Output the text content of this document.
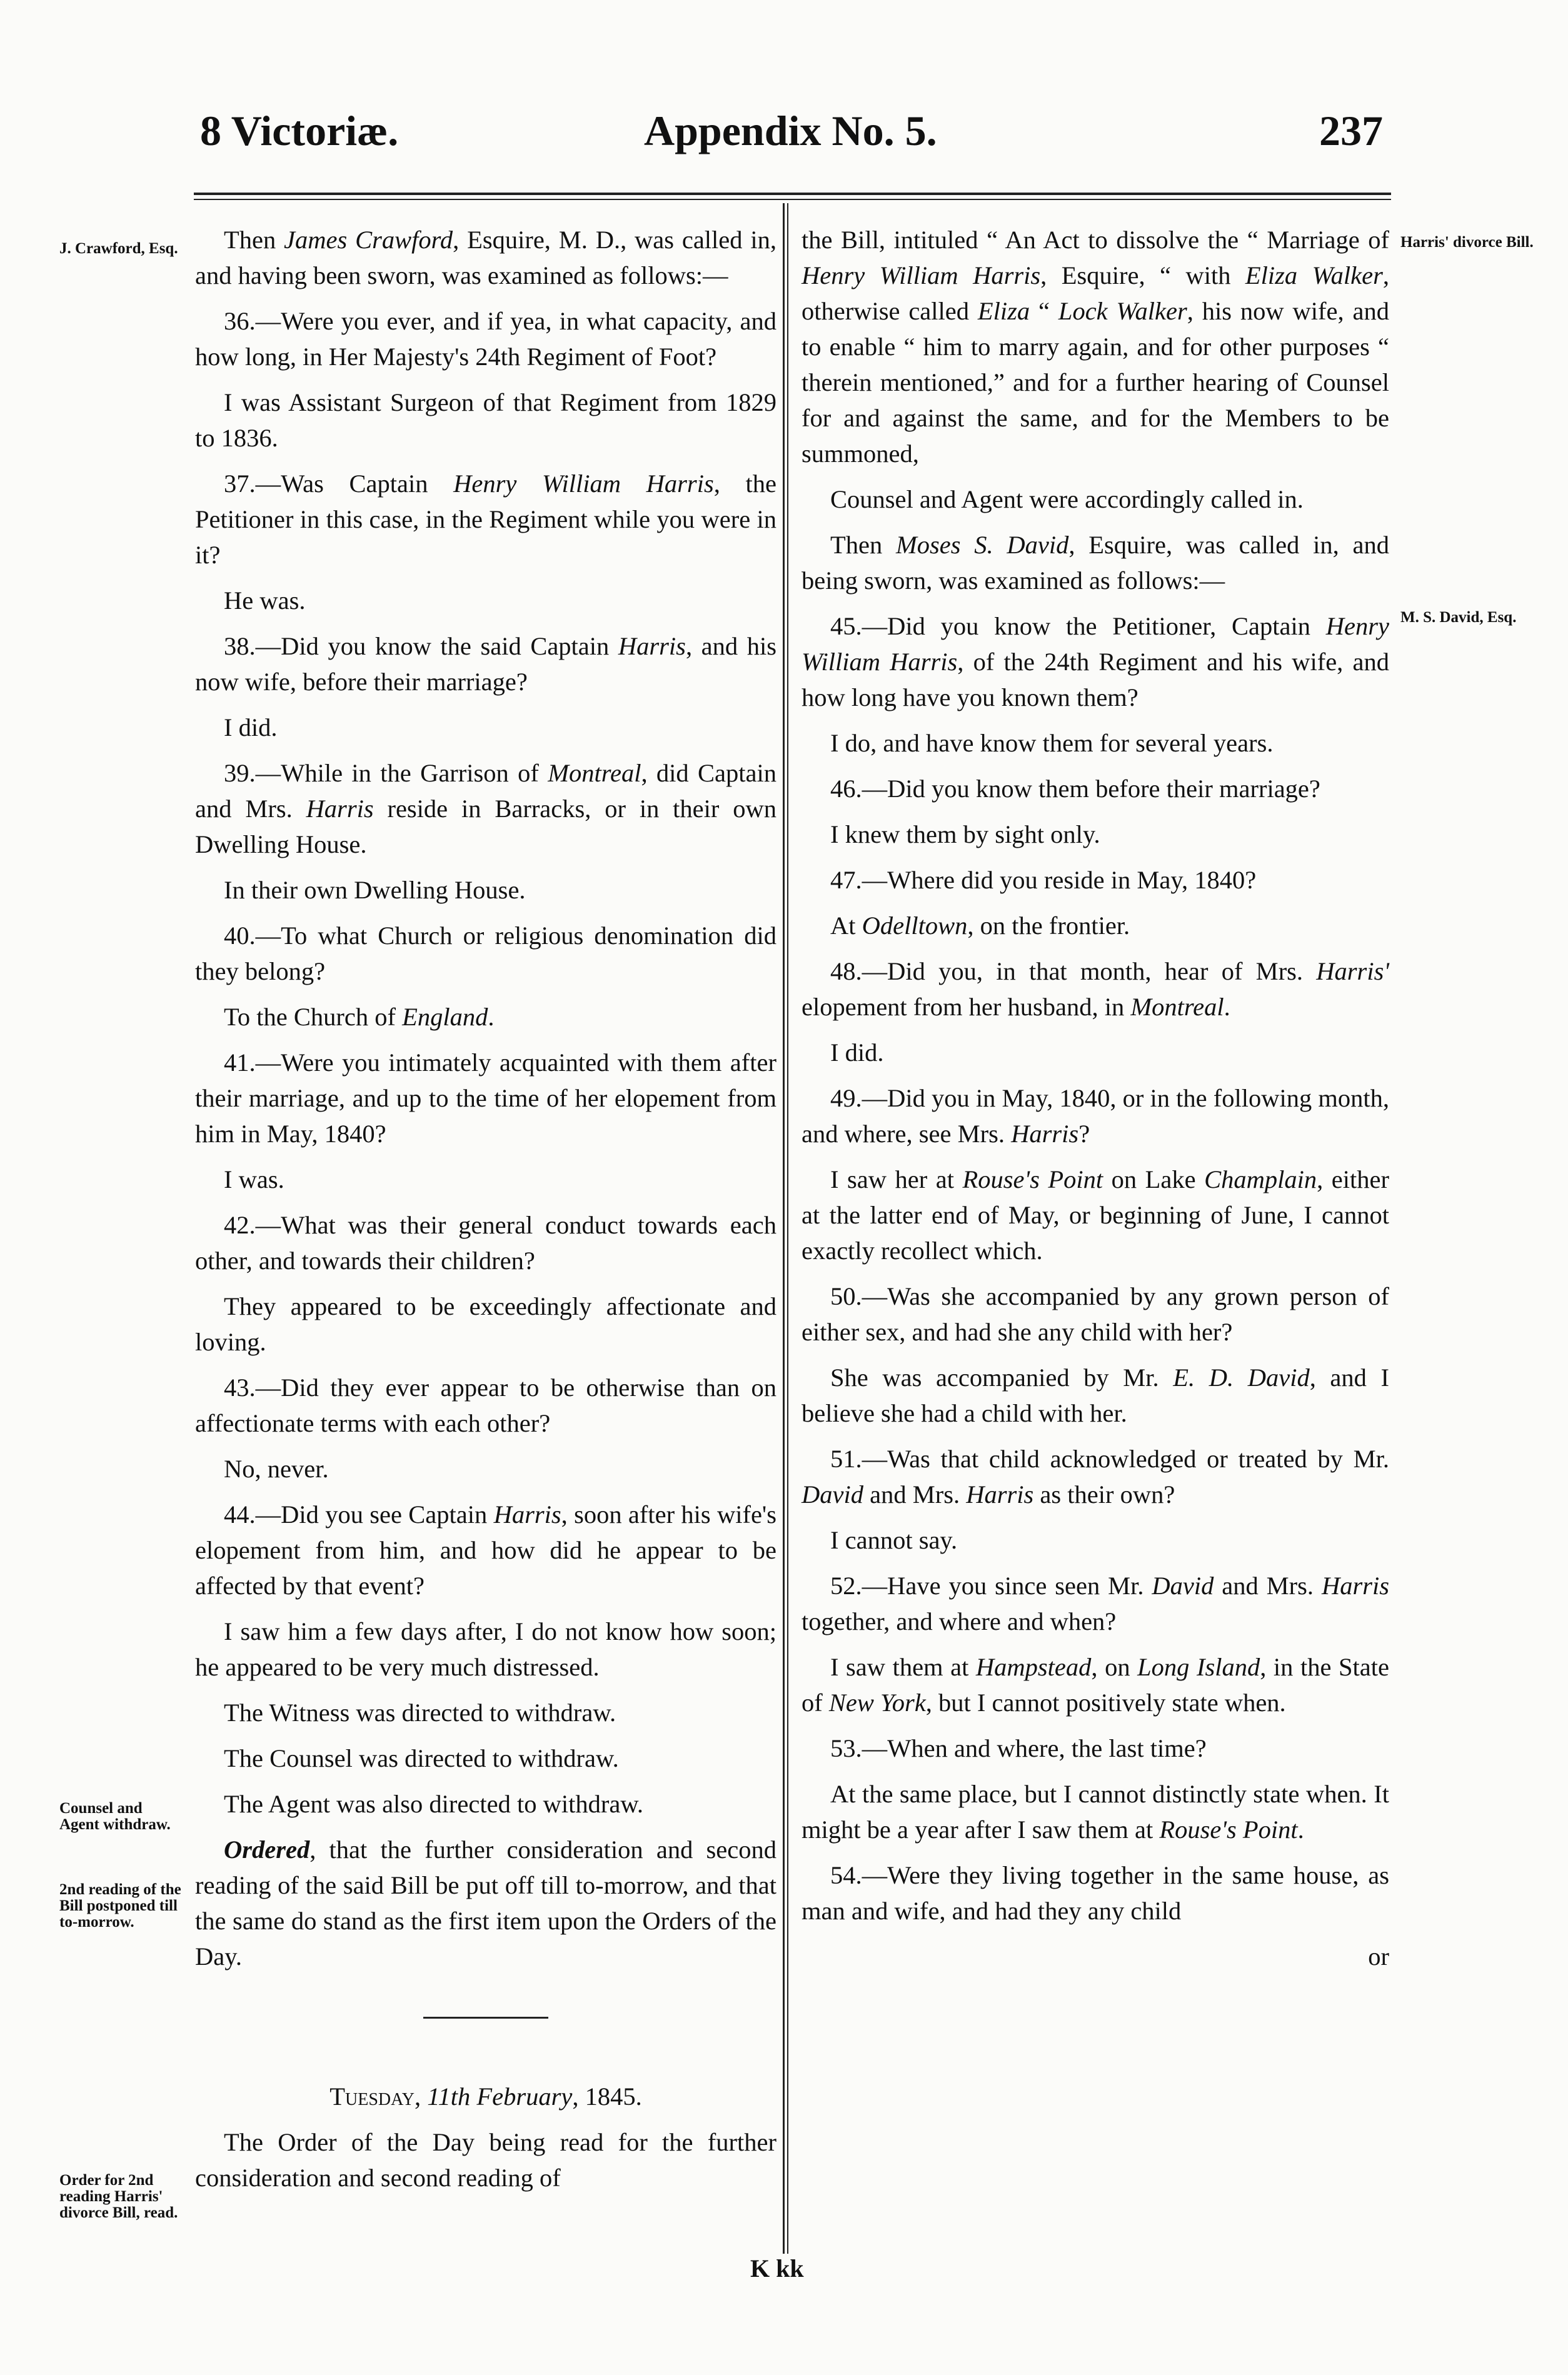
8 Victoriæ.	Appendix No. 5.	237
J. Crawford, Esq.
Counsel and Agent withdraw.
2nd reading of the Bill postponed till to-morrow.
Order for 2nd reading Harris' divorce Bill, read.
Harris' divorce Bill.
M. S. David, Esq.

Then James Crawford, Esquire, M. D., was called in, and having been sworn, was examined as follows:—

36.—Were you ever, and if yea, in what capacity, and how long, in Her Majesty's 24th Regiment of Foot?

I was Assistant Surgeon of that Regiment from 1829 to 1836.

37.—Was Captain Henry William Harris, the Petitioner in this case, in the Regiment while you were in it?

He was.

38.—Did you know the said Captain Harris, and his now wife, before their marriage?

I did.

39.—While in the Garrison of Montreal, did Captain and Mrs. Harris reside in Barracks, or in their own Dwelling House.

In their own Dwelling House.

40.—To what Church or religious denomination did they belong?

To the Church of England.

41.—Were you intimately acquainted with them after their marriage, and up to the time of her elopement from him in May, 1840?

I was.

42.—What was their general conduct towards each other, and towards their children?

They appeared to be exceedingly affectionate and loving.

43.—Did they ever appear to be otherwise than on affectionate terms with each other?

No, never.

44.—Did you see Captain Harris, soon after his wife's elopement from him, and how did he appear to be affected by that event?

I saw him a few days after, I do not know how soon; he appeared to be very much distressed.

The Witness was directed to withdraw.

The Counsel was directed to withdraw.

The Agent was also directed to withdraw.

Ordered, that the further consideration and second reading of the said Bill be put off till to-morrow, and that the same do stand as the first item upon the Orders of the Day.

Tuesday, 11th February, 1845.

The Order of the Day being read for the further consideration and second reading of

the Bill, intituled “ An Act to dissolve the “ Marriage of Henry William Harris, Esquire, “ with Eliza Walker, otherwise called Eliza “ Lock Walker, his now wife, and to enable “ him to marry again, and for other purposes “ therein mentioned,” and for a further hearing of Counsel for and against the same, and for the Members to be summoned,

Counsel and Agent were accordingly called in.

Then Moses S. David, Esquire, was called in, and being sworn, was examined as follows:—

45.—Did you know the Petitioner, Captain Henry William Harris, of the 24th Regiment and his wife, and how long have you known them?

I do, and have know them for several years.

46.—Did you know them before their marriage?

I knew them by sight only.

47.—Where did you reside in May, 1840?

At Odelltown, on the frontier.

48.—Did you, in that month, hear of Mrs. Harris' elopement from her husband, in Montreal.

I did.

49.—Did you in May, 1840, or in the following month, and where, see Mrs. Harris?

I saw her at Rouse's Point on Lake Champlain, either at the latter end of May, or beginning of June, I cannot exactly recollect which.

50.—Was she accompanied by any grown person of either sex, and had she any child with her?

She was accompanied by Mr. E. D. David, and I believe she had a child with her.

51.—Was that child acknowledged or treated by Mr. David and Mrs. Harris as their own?

I cannot say.

52.—Have you since seen Mr. David and Mrs. Harris together, and where and when?

I saw them at Hampstead, on Long Island, in the State of New York, but I cannot positively state when.

53.—When and where, the last time?

At the same place, but I cannot distinctly state when. It might be a year after I saw them at Rouse's Point.

54.—Were they living together in the same house, as man and wife, and had they any child

or

K kk
